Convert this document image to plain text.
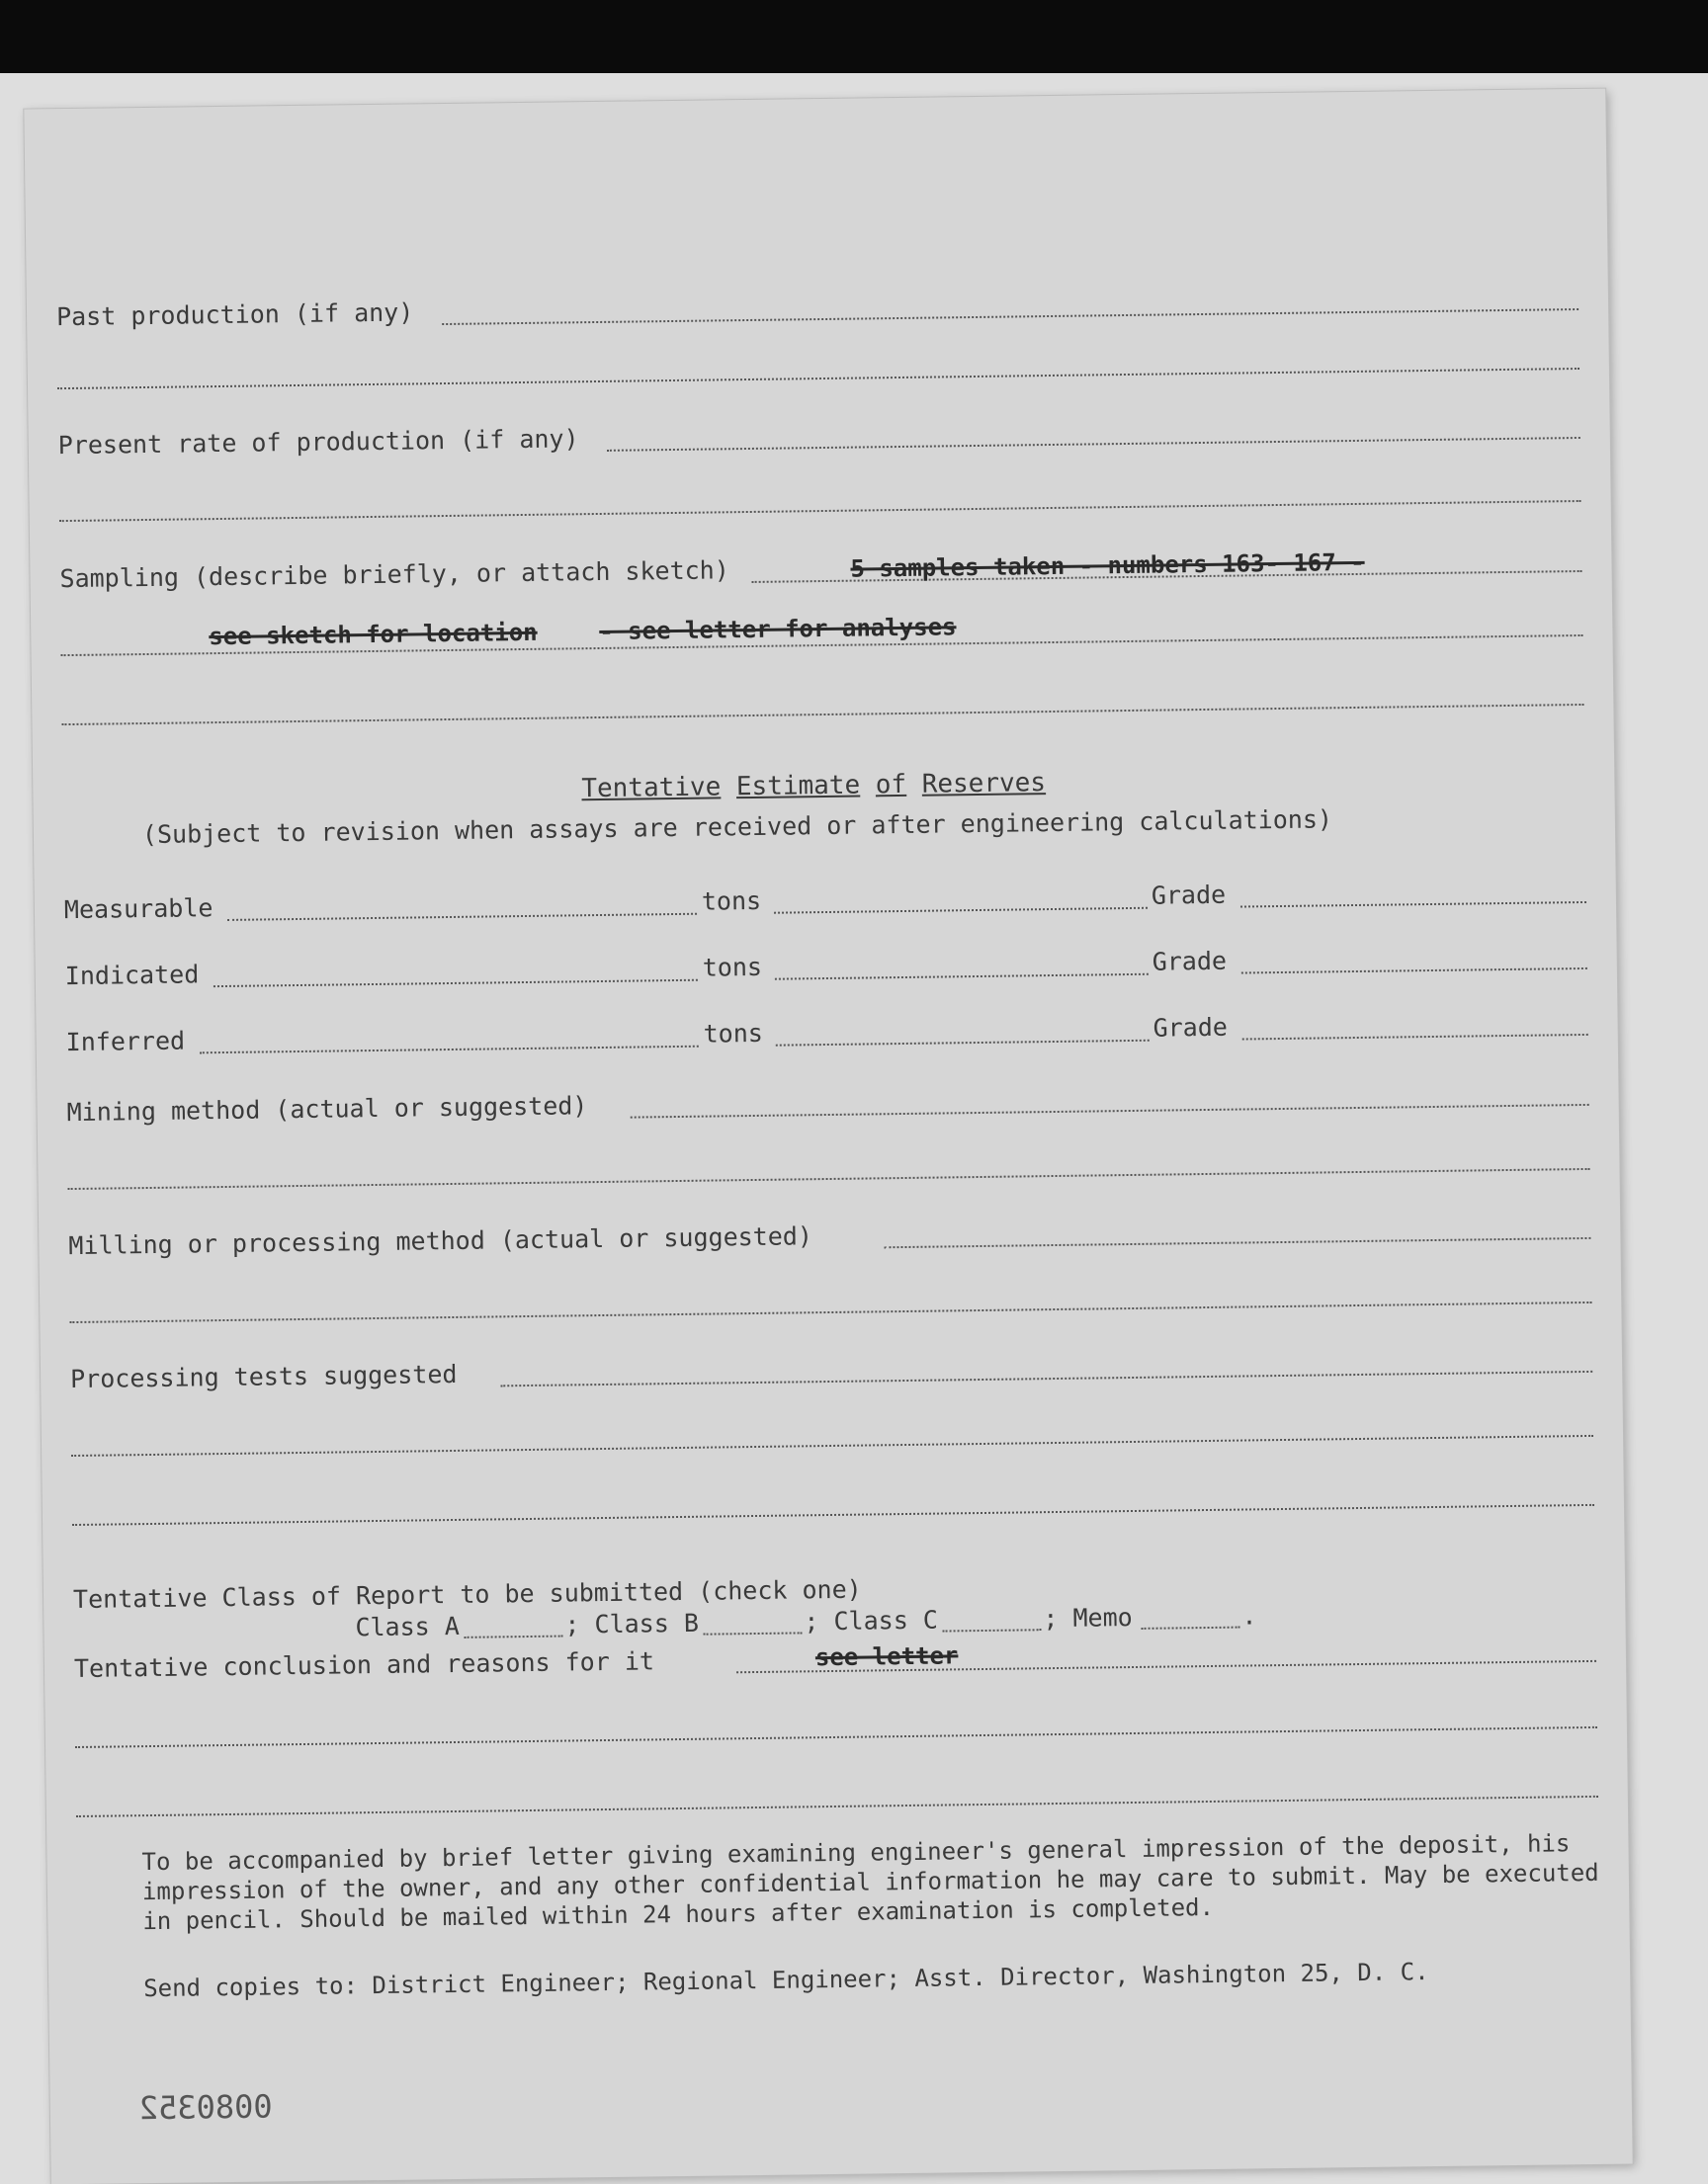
Past production (if any)
Present rate of production (if any)
Sampling (describe briefly, or attach sketch)	5 samples taken - numbers 163- 167 -
see sketch for location	- see letter for analyses
Tentative Estimate of Reserves
(Subject to revision when assays are received or after engineering calculations)
Measurable	tons	Grade
Indicated	tons	Grade
Inferred	tons	Grade
Mining method (actual or suggested)
Milling or processing method (actual or suggested)
Processing tests suggested
Tentative Class of Report to be submitted (check one)
Class A	; Class B	; Class C	; Memo	.
Tentative conclusion and reasons for it	see letter
To be accompanied by brief letter giving examining engineer's general impression of the deposit, his impression of the owner, and any other confidential information he may care to submit. May be executed in pencil. Should be mailed within 24 hours after examination is completed.
Send copies to: District Engineer; Regional Engineer; Asst. Director, Washington 25, D. C.
0080352
